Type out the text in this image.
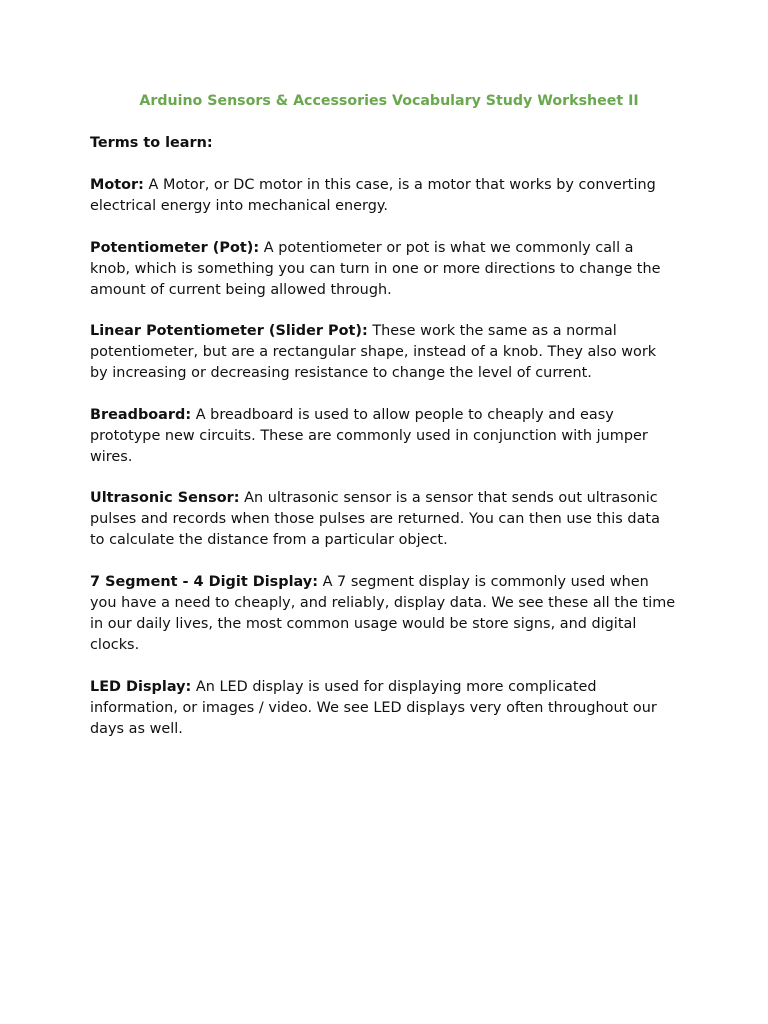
Arduino Sensors & Accessories Vocabulary Study Worksheet II
Terms to learn:
Motor: A Motor, or DC motor in this case, is a motor that works by converting electrical energy into mechanical energy.
Potentiometer (Pot): A potentiometer or pot is what we commonly call a knob, which is something you can turn in one or more directions to change the amount of current being allowed through.
Linear Potentiometer (Slider Pot): These work the same as a normal potentiometer, but are a rectangular shape, instead of a knob. They also work by increasing or decreasing resistance to change the level of current.
Breadboard: A breadboard is used to allow people to cheaply and easy prototype new circuits. These are commonly used in conjunction with jumper wires.
Ultrasonic Sensor: An ultrasonic sensor is a sensor that sends out ultrasonic pulses and records when those pulses are returned. You can then use this data to calculate the distance from a particular object.
7 Segment - 4 Digit Display: A 7 segment display is commonly used when you have a need to cheaply, and reliably, display data. We see these all the time in our daily lives, the most common usage would be store signs, and digital clocks.
LED Display: An LED display is used for displaying more complicated information, or images / video. We see LED displays very often throughout our days as well.
